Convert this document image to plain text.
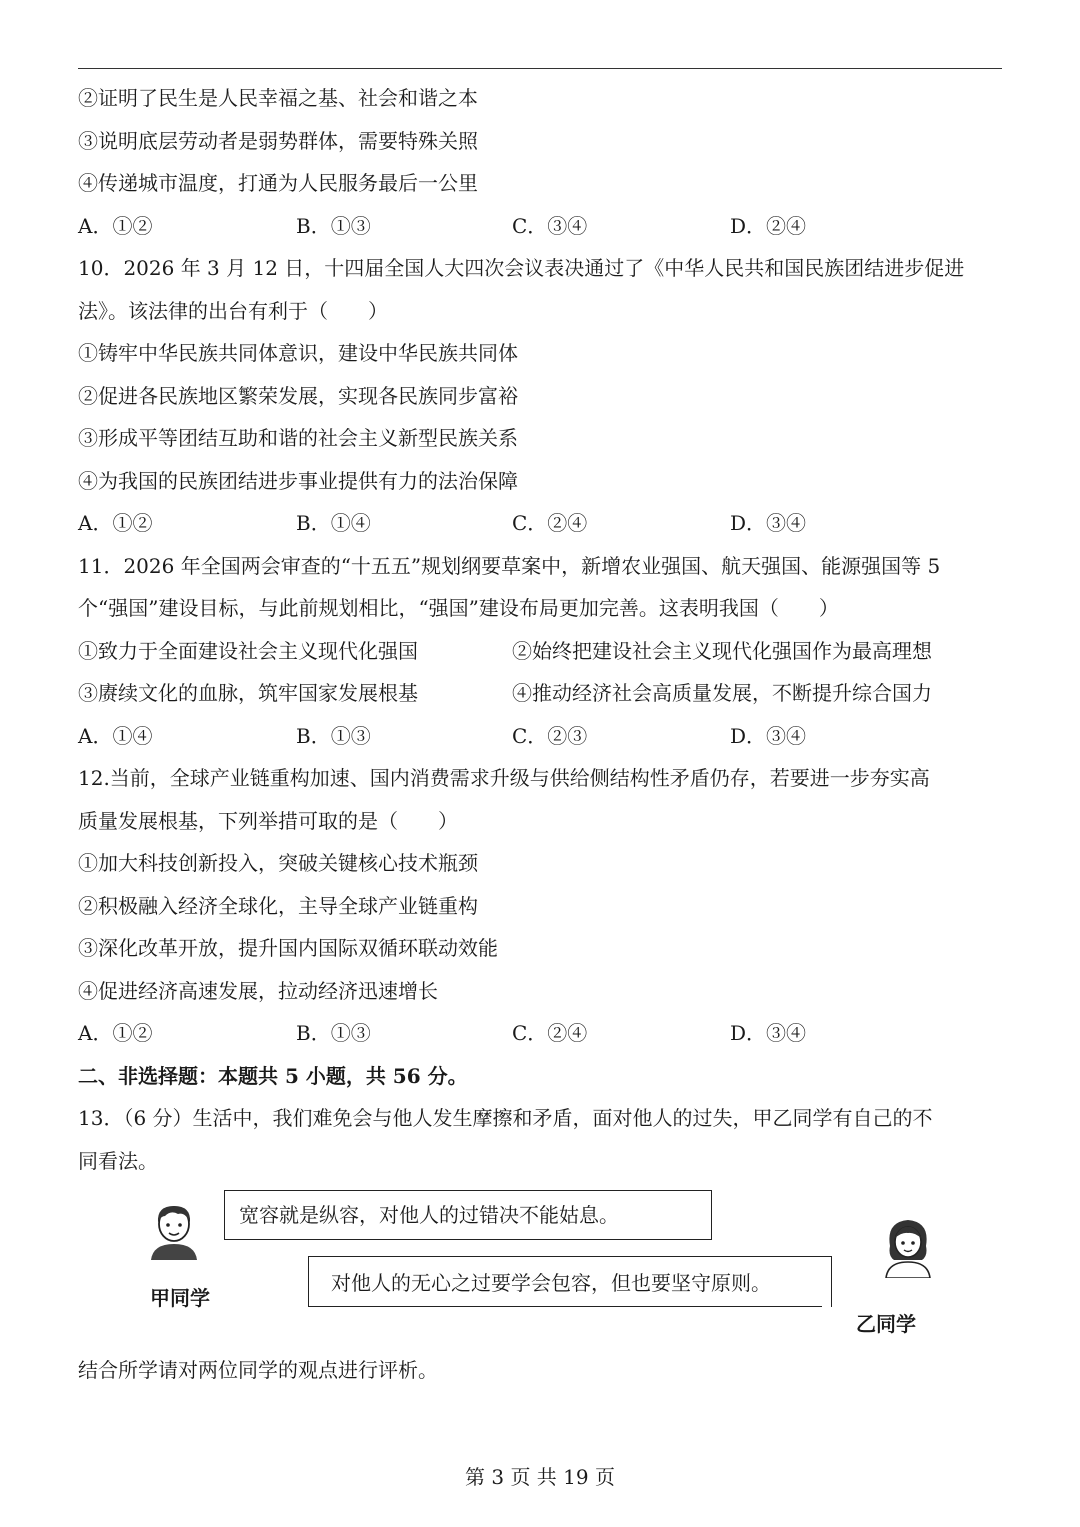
②证明了民生是人民幸福之基、社会和谐之本
③说明底层劳动者是弱势群体，需要特殊关照
④传递城市温度，打通为人民服务最后一公里
A．①②	B．①③	C．③④	D．②④
10．2026 年 3 月 12 日，十四届全国人大四次会议表决通过了《中华人民共和国民族团结进步促进
法》。该法律的出台有利于（　　）
①铸牢中华民族共同体意识，建设中华民族共同体
②促进各民族地区繁荣发展，实现各民族同步富裕
③形成平等团结互助和谐的社会主义新型民族关系
④为我国的民族团结进步事业提供有力的法治保障
A．①②	B．①④	C．②④	D．③④
11．2026 年全国两会审查的“十五五”规划纲要草案中，新增农业强国、航天强国、能源强国等 5
个“强国”建设目标，与此前规划相比，“强国”建设布局更加完善。这表明我国（　　）
①致力于全面建设社会主义现代化强国	②始终把建设社会主义现代化强国作为最高理想
③赓续文化的血脉，筑牢国家发展根基	④推动经济社会高质量发展，不断提升综合国力
A．①④	B．①③	C．②③	D．③④
12.当前，全球产业链重构加速、国内消费需求升级与供给侧结构性矛盾仍存，若要进一步夯实高
质量发展根基，下列举措可取的是（　　）
①加大科技创新投入，突破关键核心技术瓶颈
②积极融入经济全球化，主导全球产业链重构
③深化改革开放，提升国内国际双循环联动效能
④促进经济高速发展，拉动经济迅速增长
A．①②	B．①③	C．②④	D．③④
二、非选择题：本题共 5 小题，共 56 分。
13．（6 分）生活中，我们难免会与他人发生摩擦和矛盾，面对他人的过失，甲乙同学有自己的不
同看法。
甲同学
宽容就是纵容，对他人的过错决不能姑息。
对他人的无心之过要学会包容，但也要坚守原则。
乙同学
结合所学请对两位同学的观点进行评析。
第 3 页 共 19 页
